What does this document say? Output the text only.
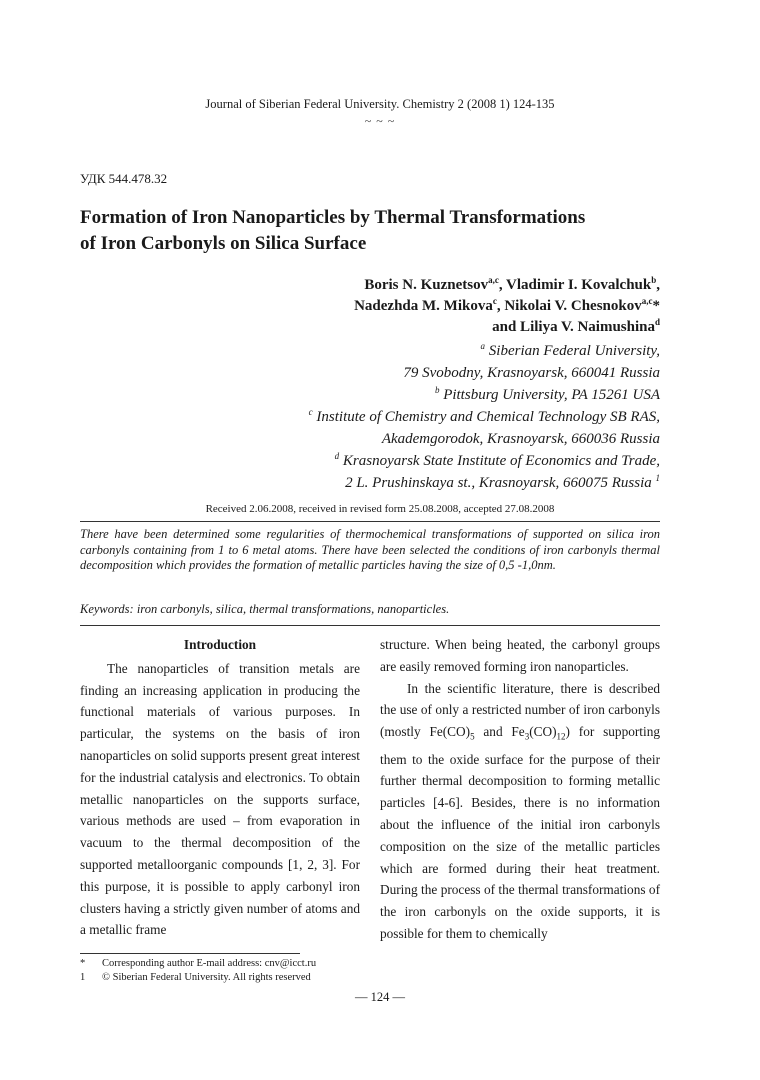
Journal of Siberian Federal University. Chemistry 2 (2008 1) 124-135
~ ~ ~
УДК 544.478.32
Formation of Iron Nanoparticles by Thermal Transformations
of Iron Carbonyls on Silica Surface
Boris N. Kuznetsov$^{a,c}$, Vladimir I. Kovalchuk$^b$,
Nadezhda M. Mikova$^c$, Nikolai V. Chesnokov$^{a,c}$*
and Liliya V. Naimushina$^d$
$^a$ Siberian Federal University,
79 Svobodny, Krasnoyarsk, 660041 Russia
$^b$ Pittsburg University, PA 15261 USA
$^c$ Institute of Chemistry and Chemical Technology SB RAS,
Akademgorodok, Krasnoyarsk, 660036 Russia
$^d$ Krasnoyarsk State Institute of Economics and Trade,
2 L. Prushinskaya st., Krasnoyarsk, 660075 Russia $^1$
Received 2.06.2008, received in revised form 25.08.2008, accepted 27.08.2008
There have been determined some regularities of thermochemical transformations of supported on silica iron carbonyls containing from 1 to 6 metal atoms. There have been selected the conditions of iron carbonyls thermal decomposition which provides the formation of metallic particles having the size of 0,5 -1,0nm.
Keywords: iron carbonyls, silica, thermal transformations, nanoparticles.

Introduction

The nanoparticles of transition metals are finding an increasing application in producing the functional materials of various purposes. In particular, the systems on the basis of iron nanoparticles on solid supports present great interest for the industrial catalysis and electronics. To obtain metallic nanoparticles on the supports surface, various methods are used – from evaporation in vacuum to the thermal decomposition of the supported metalloorganic compounds [1, 2, 3]. For this purpose, it is possible to apply carbonyl iron clusters having a strictly given number of atoms and a metallic frame

structure. When being heated, the carbonyl groups are easily removed forming iron nanoparticles.

In the scientific literature, there is described the use of only a restricted number of iron carbonyls (mostly $Fe(CO)_5$ and $Fe_3(CO)_{12}$) for supporting them to the oxide surface for the purpose of their further thermal decomposition to forming metallic particles [4-6]. Besides, there is no information about the influence of the initial iron carbonyls composition on the size of the metallic particles which are formed during their heat treatment. During the process of the thermal transformations of the iron carbonyls on the oxide supports, it is possible for them to chemically

*	Corresponding author E-mail address: cnv@icct.ru
1	© Siberian Federal University. All rights reserved
— 124 —
